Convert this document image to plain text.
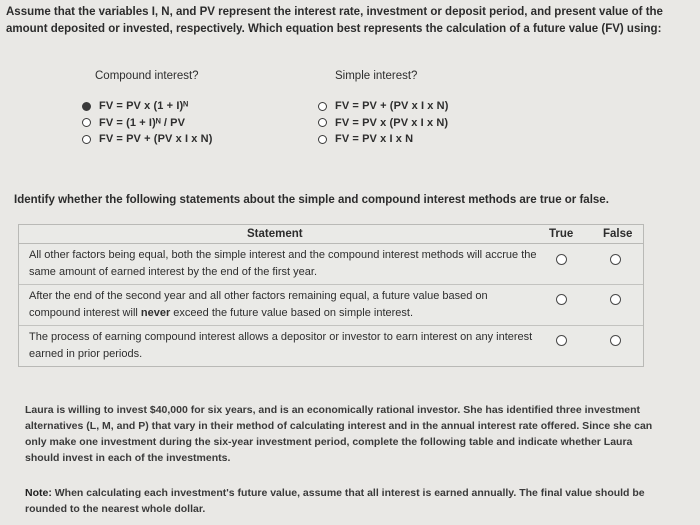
Assume that the variables I, N, and PV represent the interest rate, investment or deposit period, and present value of the amount deposited or invested, respectively. Which equation best represents the calculation of a future value (FV) using:
Compound interest?
FV = PV x (1 + I)ᴺ
FV = (1 + I)ᴺ / PV
FV = PV + (PV x I x N)
Simple interest?
FV = PV + (PV x I x N)
FV = PV x (PV x I x N)
FV = PV x I x N
Identify whether the following statements about the simple and compound interest methods are true or false.
Statement	True	False
All other factors being equal, both the simple interest and the compound interest methods will accrue the same amount of earned interest by the end of the first year.
After the end of the second year and all other factors remaining equal, a future value based on compound interest will never exceed the future value based on simple interest.
The process of earning compound interest allows a depositor or investor to earn interest on any interest earned in prior periods.
Laura is willing to invest $40,000 for six years, and is an economically rational investor. She has identified three investment alternatives (L, M, and P) that vary in their method of calculating interest and in the annual interest rate offered. Since she can only make one investment during the six-year investment period, complete the following table and indicate whether Laura should invest in each of the investments.
Note: When calculating each investment's future value, assume that all interest is earned annually. The final value should be rounded to the nearest whole dollar.
